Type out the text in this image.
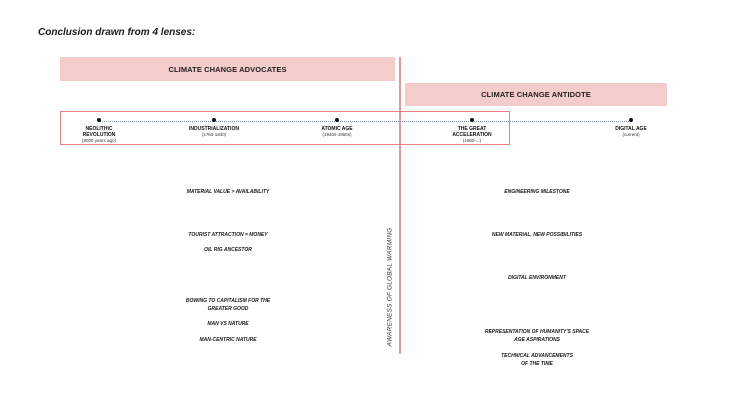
Conclusion drawn from 4 lenses:
CLIMATE CHANGE ADVOCATES
CLIMATE CHANGE ANTIDOTE
NEOLITHIC
REVOLUTION
(8000 years ago)
INDUSTRIALIZATION
(1760-1840)
ATOMIC AGE
(1940s-1960s)
THE GREAT
ACCELERATION
(1950-...)
DIGITAL AGE
(current)
AWARENESS OF GLOBAL WARMING
MATERIAL VALUE > AVAILABILITY
TOURIST ATTRACTION = MONEY
OIL RIG ANCESTOR
BOWING TO CAPITALISM FOR THE
GREATER GOOD
MAN VS NATURE
MAN-CENTRIC NATURE
ENGINEERING MILESTONE
NEW MATERIAL, NEW POSSIBILITIES
DIGITAL ENVIRONMENT
REPRESENTATION OF HUMANITY'S SPACE
AGE ASPIRATIONS
TECHNICAL ADVANCEMENTS
OF THE TIME
